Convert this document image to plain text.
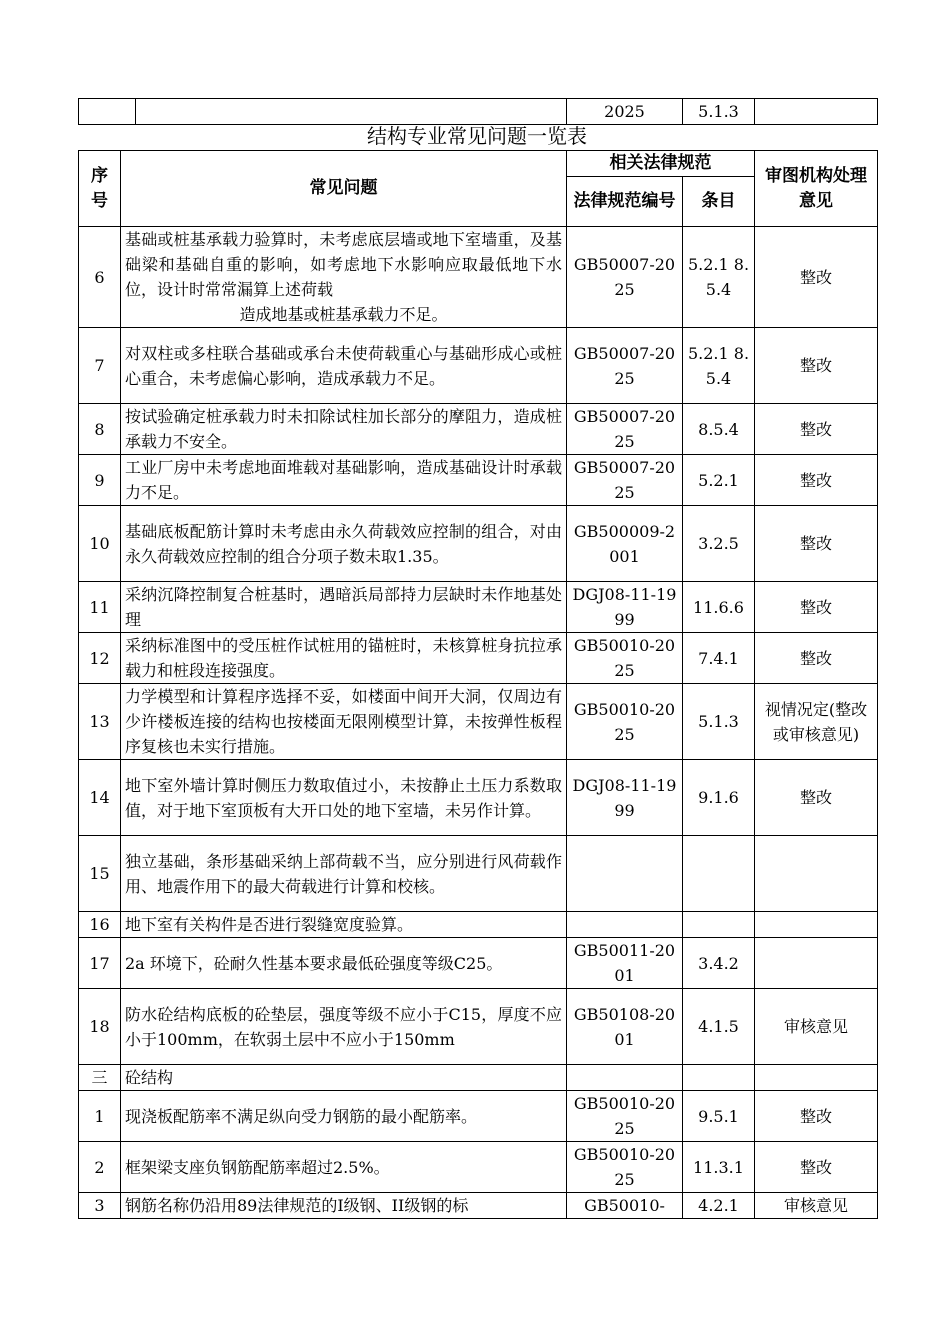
		2025	5.1.3	
结构专业常见问题一览表
序号	常见问题	相关法律规范		审图机构处理意见
		法律规范编号	条目	
6	基础或桩基承载力验算时，未考虑底层墙或地下室墙重，及基础梁和基础自重的影响，如考虑地下水影响应取最低地下水位，设计时常常漏算上述荷载
造成地基或桩基承载力不足。	GB50007-2025	5.2.1 8.5.4	整改
7	对双柱或多柱联合基础或承台未使荷载重心与基础形成心或桩心重合，未考虑偏心影响，造成承载力不足。	GB50007-2025	5.2.1 8.5.4	整改
8	按试验确定桩承载力时未扣除试柱加长部分的摩阻力，造成桩承载力不安全。	GB50007-2025	8.5.4	整改
9	工业厂房中未考虑地面堆载对基础影响，造成基础设计时承载力不足。	GB50007-2025	5.2.1	整改
10	基础底板配筋计算时未考虑由永久荷载效应控制的组合，对由永久荷载效应控制的组合分项子数未取1.35。	GB500009-2001	3.2.5	整改
11	采纳沉降控制复合桩基时，遇暗浜局部持力层缺时未作地基处理	DGJ08-11-1999	11.6.6	整改
12	采纳标准图中的受压桩作试桩用的锚桩时，未核算桩身抗拉承载力和桩段连接强度。	GB50010-2025	7.4.1	整改
13	力学模型和计算程序选择不妥，如楼面中间开大洞，仅周边有少许楼板连接的结构也按楼面无限刚模型计算，未按弹性板程序复核也未实行措施。	GB50010-2025	5.1.3	视情况定(整改或审核意见)
14	地下室外墙计算时侧压力数取值过小，未按静止土压力系数取值，对于地下室顶板有大开口处的地下室墙，未另作计算。	DGJ08-11-1999	9.1.6	整改
15	独立基础，条形基础采纳上部荷载不当，应分别进行风荷载作用、地震作用下的最大荷载进行计算和校核。			

16	地下室有关构件是否进行裂缝宽度验算。			

17	2a 环境下，砼耐久性基本要求最低砼强度等级C25。	GB50011-2001	3.4.2	
18	防水砼结构底板的砼垫层，强度等级不应小于C15，厚度不应小于100mm，在软弱土层中不应小于150mm	GB50108-2001	4.1.5	审核意见
三	砼结构			
1	现浇板配筋率不满足纵向受力钢筋的最小配筋率。	GB50010-2025	9.5.1	整改
2	框架梁支座负钢筋配筋率超过2.5%。	GB50010-2025	11.3.1	整改
3	钢筋名称仍沿用89法律规范的I级钢、II级钢的标	GB50010-	4.2.1	审核意见
